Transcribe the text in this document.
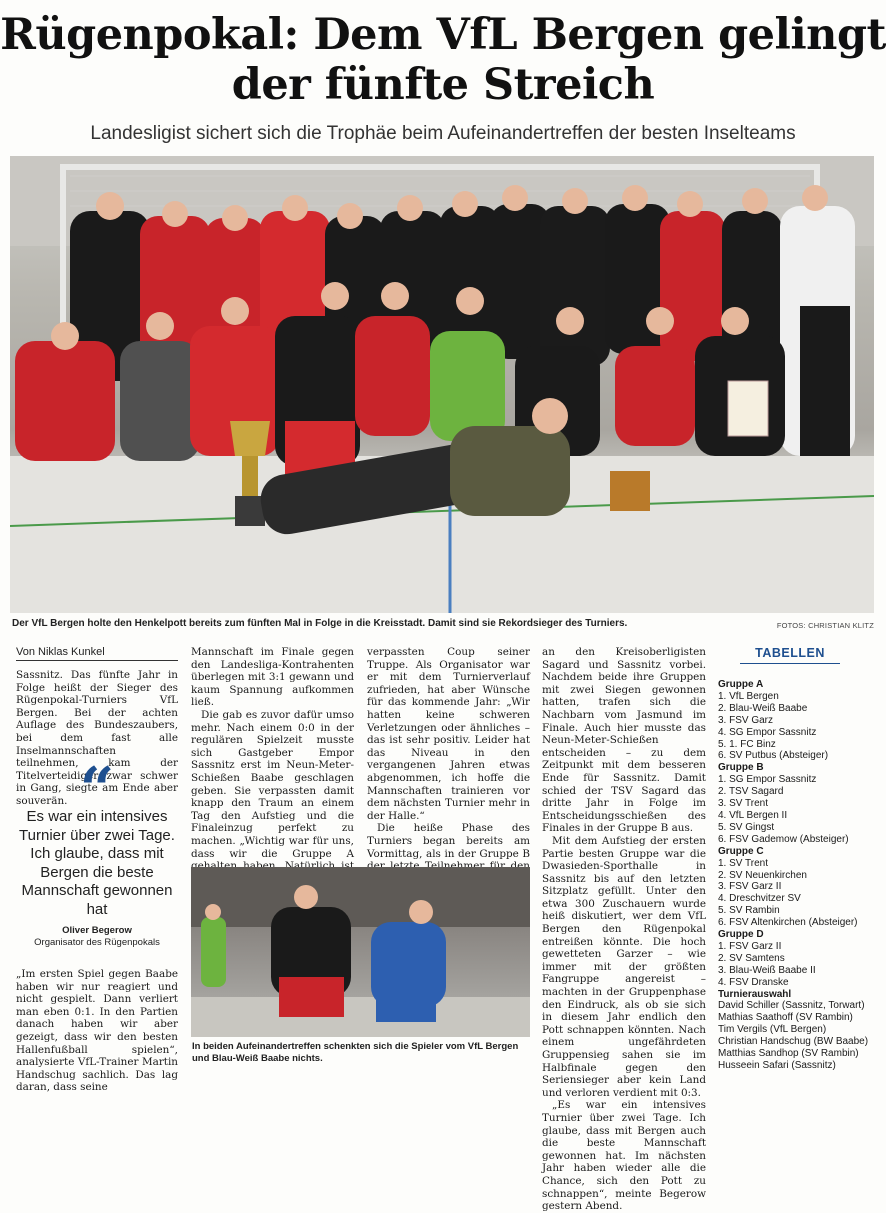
Rügenpokal: Dem VfL Bergen gelingt
der fünfte Streich
Landesligist sichert sich die Trophäe beim Aufeinandertreffen der besten Inselteams
Der VfL Bergen holte den Henkelpott bereits zum fünften Mal in Folge in die Kreisstadt. Damit sind sie Rekordsieger des Turniers.	FOTOS: CHRISTIAN KLITZ
Von Niklas Kunkel

Sassnitz. Das fünfte Jahr in Folge heißt der Sieger des Rügenpokal-Turniers VfL Bergen. Bei der achten Auflage des Bundeszaubers, bei dem fast alle Inselmannschaften teilnehmen, kam der Titelverteidiger zwar schwer in Gang, siegte am Ende aber souverän. “
Es war ein intensives Turnier über zwei Tage. Ich glaube, dass mit Bergen die beste Mannschaft gewonnen hat
Oliver Begerow
Organisator des Rügenpokals

„Im ersten Spiel gegen Baabe haben wir nur reagiert und nicht gespielt. Dann verliert man eben 0:1. In den Partien danach haben wir aber gezeigt, dass wir den besten Hallenfußball spielen“, analysierte VfL-Trainer Martin Handschug sachlich. Das lag daran, dass seine

Mannschaft im Finale gegen den Landesliga-Kontrahenten überlegen mit 3:1 gewann und kaum Spannung aufkommen ließ.

Die gab es zuvor dafür umso mehr. Nach einem 0:0 in der regulären Spielzeit musste sich Gastgeber Empor Sassnitz erst im Neun-Meter-Schießen Baabe geschlagen geben. Sie verpassten damit knapp den Traum an einem Tag den Aufstieg und die Finaleinzug perfekt zu machen. „Wichtig war für uns, dass wir die Gruppe A

verpassten Coup seiner Truppe. Als Organisator war er mit dem Turnierverlauf zufrieden, hat aber Wünsche für das kommende Jahr: „Wir hatten keine schweren Verletzungen oder ähnliches – das ist sehr positiv. Leider hat das Niveau in den vergangenen Jahren etwas abgenommen, ich hoffe die Mannschaften trainieren vor dem nächsten Turnier mehr in der Halle.“

Die heiße Phase des Turniers began bereits am Vormittag, als in der Gruppe B

an den Kreisoberligisten Sagard und Sassnitz vorbei. Nachdem beide ihre Gruppen mit zwei Siegen gewonnen hatten, trafen sich die Nachbarn vom Jasmund im Finale. Auch hier musste das Neun-Meter-Schießen entscheiden – zu dem Zeitpunkt mit dem besseren Ende für Sassnitz. Damit schied der TSV Sagard das dritte Jahr in Folge im Entscheidungsschießen des Finales in der Gruppe B aus.

Mit dem Aufstieg der ersten Partie besten Gruppe war die Dwasieden-Sporthalle in Sassnitz bis auf den letzten Sitzplatz gefüllt. Unter den etwa 300 Zuschauern wurde heiß diskutiert, wer dem VfL Bergen den Rügenpokal entreißen könnte. Die hoch gewetteten Garzer – wie immer mit der größten Fangruppe angereist – machten in der Gruppenphase den Eindruck, als ob sie sich in diesem Jahr endlich den Pott schnappen könnten. Nach einem ungefährdeten Gruppensieg sahen sie im Halbfinale gegen den Seriensieger aber kein Land und verloren verdient mit 0:3.

„Es war ein intensives Turnier über zwei Tage. Ich glaube, dass mit Bergen auch die beste Mannschaft gewonnen hat. Im nächsten Jahr haben wieder alle die Chance, sich den Pott zu schnappen“, meinte Begerow gestern Abend.

In beiden Aufeinandertreffen schenkten sich die Spieler vom VfL Bergen und Blau-Weiß Baabe nichts.
TABELLEN
Gruppe A
1. VfL Bergen
2. Blau-Weiß Baabe
3. FSV Garz
4. SG Empor Sassnitz
5. 1. FC Binz
6. SV Putbus (Absteiger)
Gruppe B
1. SG Empor Sassnitz
2. TSV Sagard
3. SV Trent
4. VfL Bergen II
5. SV Gingst
6. FSV Gademow (Absteiger)
Gruppe C
1. SV Trent
2. SV Neuenkirchen
3. FSV Garz II
4. Dreschvitzer SV
5. SV Rambin
6. FSV Altenkirchen (Absteiger)
Gruppe D
1. FSV Garz II
2. SV Samtens
3. Blau-Weiß Baabe II
4. FSV Dranske
Turnierauswahl
David Schiller (Sassnitz, Torwart)
Mathias Saathoff (SV Rambin)
Tim Vergils (VfL Bergen)
Christian Handschug (BW Baabe)
Matthias Sandhop (SV Rambin)
Husseein Safari (Sassnitz)
